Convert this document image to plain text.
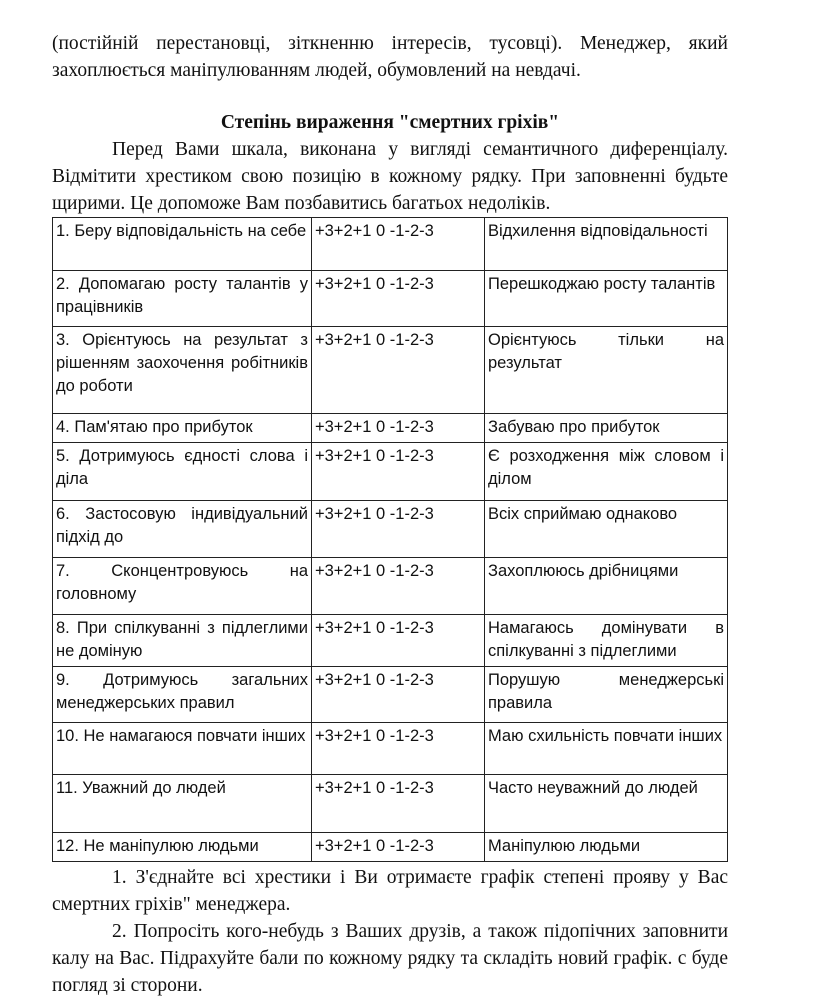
(постійній перестановці, зіткненню інтересів, тусовці). Менеджер, який захоплюється маніпулюванням людей, обумовлений на невдачі.

Степінь вираження "смертних гріхів"

Перед Вами шкала, виконана у вигляді семантичного диференціалу. Відмітити хрестиком свою позицію в кожному рядку. При заповненні будьте щирими. Це допоможе Вам позбавитись багатьох недоліків.

1. Беру відповідальність на себе	+3+2+1 0 -1-2-3	Відхилення відповідальності
2. Допомагаю росту талантів у працівників	+3+2+1 0 -1-2-3	Перешкоджаю росту талантів
3. Орієнтуюсь на результат з рішенням заохочення робітників до роботи	+3+2+1 0 -1-2-3	Орієнтуюсь тільки на результат
4. Пам'ятаю про прибуток	+3+2+1 0 -1-2-3	Забуваю про прибуток
5. Дотримуюсь єдності слова і діла	+3+2+1 0 -1-2-3	Є розходження між словом і ділом
6. Застосовую індивідуальний підхід до	+3+2+1 0 -1-2-3	Всіх сприймаю однаково
7. Сконцентровуюсь на головному	+3+2+1 0 -1-2-3	Захоплююсь дрібницями
8. При спілкуванні з підлеглими не доміную	+3+2+1 0 -1-2-3	Намагаюсь домінувати в спілкуванні з підлеглими
9. Дотримуюсь загальних менеджерських правил	+3+2+1 0 -1-2-3	Порушую менеджерські правила
10. Не намагаюся повчати інших	+3+2+1 0 -1-2-3	Маю схильність повчати інших
11. Уважний до людей	+3+2+1 0 -1-2-3	Часто неуважний до людей
12. Не маніпулюю людьми	+3+2+1 0 -1-2-3	Маніпулюю людьми

1. З'єднайте всі хрестики і Ви отримаєте графік степені прояву у Вас смертних гріхів" менеджера.

2. Попросіть кого-небудь з Ваших друзів, а також підопічних заповнити калу на Вас. Підрахуйте бали по кожному рядку та складіть новий графік. с буде погляд зі сторони.
